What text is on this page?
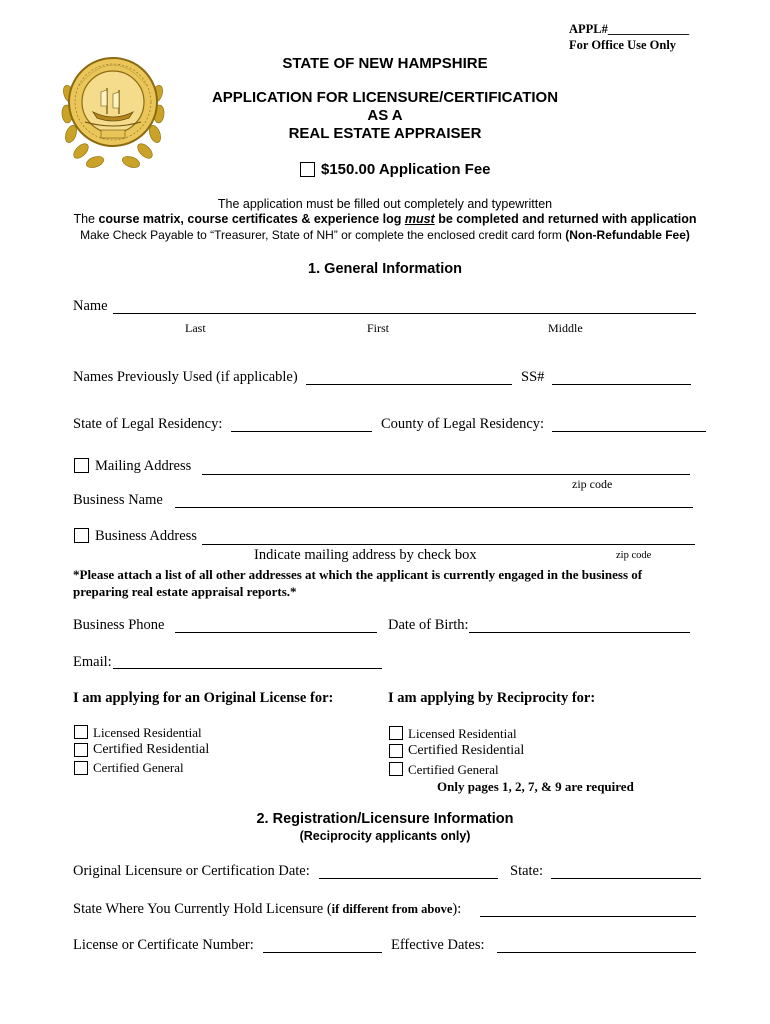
APPL#_____________
For Office Use Only
STATE OF NEW HAMPSHIRE
APPLICATION FOR LICENSURE/CERTIFICATION
AS A
REAL ESTATE APPRAISER
$150.00 Application Fee
The application must be filled out completely and typewritten
The course matrix, course certificates & experience log must be completed and returned with application
Make Check Payable to “Treasurer, State of NH” or complete the enclosed credit card form (Non-Refundable Fee)
1. General Information
Name
Last	First	Middle
Names Previously Used (if applicable)	SS#
State of Legal Residency:	County of Legal Residency:
Mailing Address
zip code
Business Name
Business Address
Indicate mailing address by check box	zip code
*Please attach a list of all other addresses at which the applicant is currently engaged in the business of
preparing real estate appraisal reports.*
Business Phone	Date of Birth:
Email:
I am applying for an Original License for:	I am applying by Reciprocity for:
Licensed Residential
Certified Residential
Certified General
Licensed Residential
Certified Residential
Certified General
Only pages 1, 2, 7, & 9 are required
2. Registration/Licensure Information
(Reciprocity applicants only)
Original Licensure or Certification Date:	State:
State Where You Currently Hold Licensure (if different from above):
License or Certificate Number:	Effective Dates:
